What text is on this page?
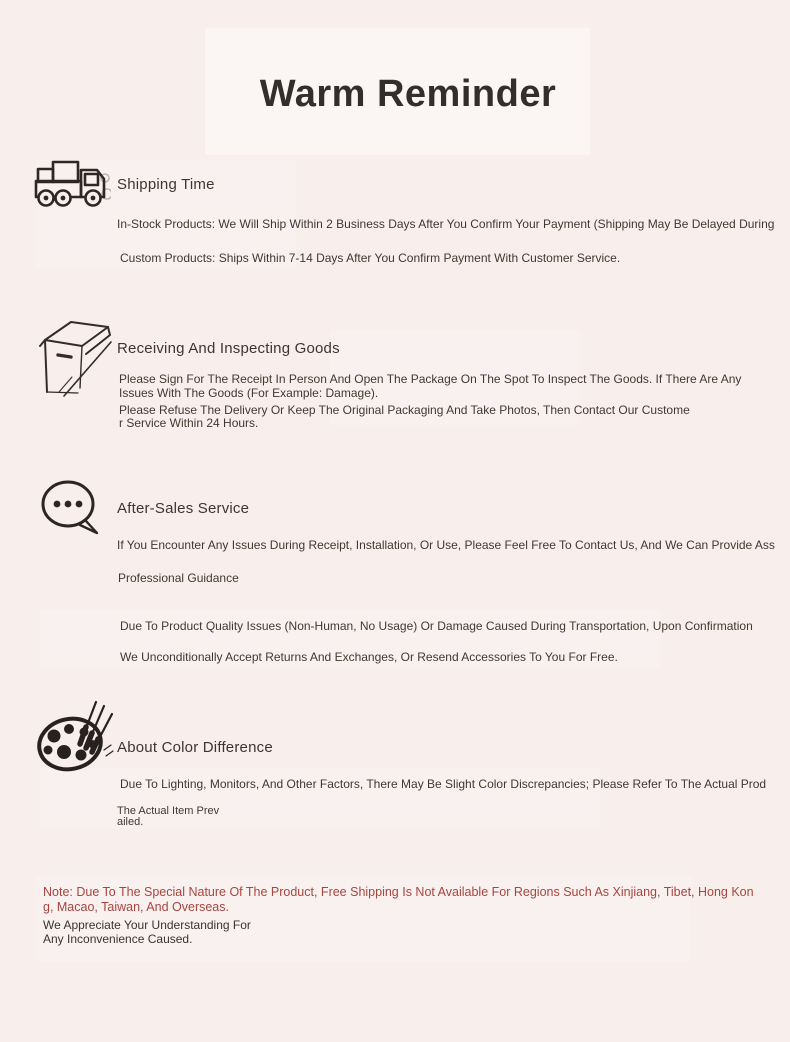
Warm Reminder
Shipping Time
In-Stock Products: We Will Ship Within 2 Business Days After You Confirm Your Payment (Shipping May Be Delayed During
Custom Products: Ships Within 7-14 Days After You Confirm Payment With Customer Service.
Receiving And Inspecting Goods
Please Sign For The Receipt In Person And Open The Package On The Spot To Inspect The Goods. If There Are Any
Issues With The Goods (For Example: Damage).
Please Refuse The Delivery Or Keep The Original Packaging And Take Photos, Then Contact Our Custome
r Service Within 24 Hours.
After-Sales Service
If You Encounter Any Issues During Receipt, Installation, Or Use, Please Feel Free To Contact Us, And We Can Provide Ass
Professional Guidance
Due To Product Quality Issues (Non-Human, No Usage) Or Damage Caused During Transportation, Upon Confirmation
We Unconditionally Accept Returns And Exchanges, Or Resend Accessories To You For Free.
About Color Difference
Due To Lighting, Monitors, And Other Factors, There May Be Slight Color Discrepancies; Please Refer To The Actual Prod
The Actual Item Prev
ailed.
Note: Due To The Special Nature Of The Product, Free Shipping Is Not Available For Regions Such As Xinjiang, Tibet, Hong Kon
g, Macao, Taiwan, And Overseas.
We Appreciate Your Understanding For
Any Inconvenience Caused.
